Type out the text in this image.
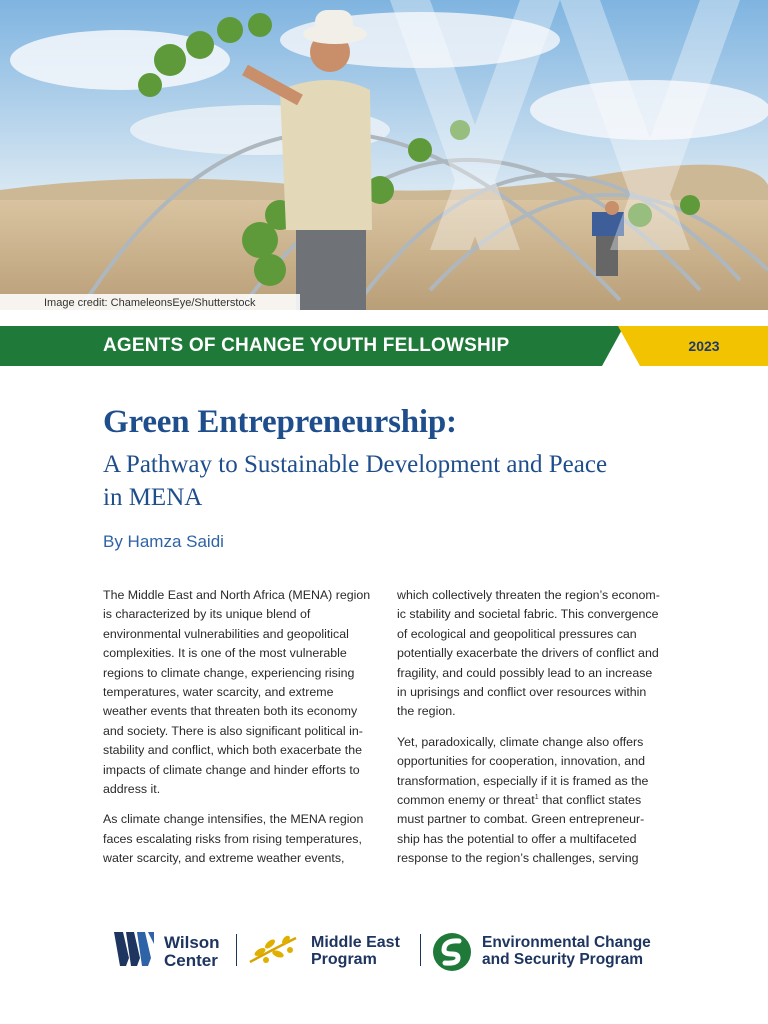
Image credit: ChameleonsEye/Shutterstock
AGENTS OF CHANGE YOUTH FELLOWSHIP	2023
Green Entrepreneurship:
A Pathway to Sustainable Development and Peace in MENA
By Hamza Saidi

The Middle East and North Africa (MENA) region is characterized by its unique blend of environmental vulnerabilities and geopolitical complexities. It is one of the most vulnerable regions to climate change, experiencing rising temperatures, water scarcity, and extreme weather events that threaten both its economy and society. There is also significant political in-stability and conflict, which both exacerbate the impacts of climate change and hinder efforts to address it.

As climate change intensifies, the MENA region faces escalating risks from rising temperatures, water scarcity, and extreme weather events,

which collectively threaten the region’s econom-ic stability and societal fabric. This convergence of ecological and geopolitical pressures can potentially exacerbate the drivers of conflict and fragility, and could possibly lead to an increase in uprisings and conflict over resources within the region.

Yet, paradoxically, climate change also offers opportunities for cooperation, innovation, and transformation, especially if it is framed as the common enemy or threat$^1$ that conflict states must partner to combat. Green entrepreneur-ship has the potential to offer a multifaceted response to the region’s challenges, serving

Wilson
Center
Middle East
Program
Environmental Change
and Security Program
